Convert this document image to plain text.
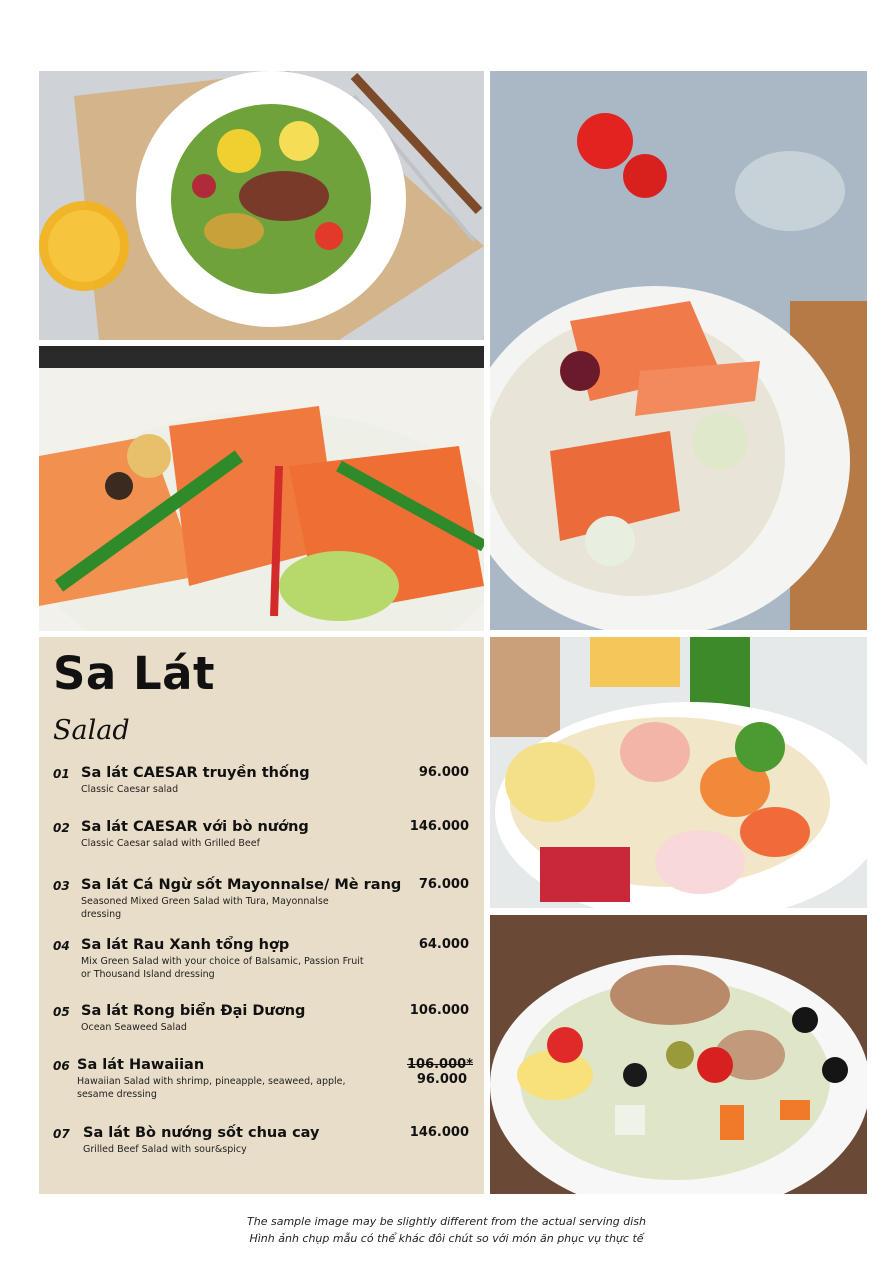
Sa Lát
Salad
01 Sa lát CAESAR truyền thống
Classic Caesar salad
96.000
02 Sa lát CAESAR với bò nướng
Classic Caesar salad with Grilled Beef
146.000
03 Sa lát Cá Ngừ sốt Mayonnalse/ Mè rang
Seasoned Mixed Green Salad with Tura, Mayonnalse dressing
76.000
04 Sa lát Rau Xanh tổng hợp
Mix Green Salad with your choice of Balsamic, Passion Fruit or Thousand Island dressing
64.000
05 Sa lát Rong biển Đại Dương
Ocean Seaweed Salad
106.000
06 Sa lát Hawaiian
Hawaiian Salad with shrimp, pineapple, seaweed, apple, sesame dressing
106.000*
96.000
07 Sa lát Bò nướng sốt chua cay
Grilled Beef Salad with sour&spicy
146.000
The sample image may be slightly different from the actual serving dish
Hình ảnh chụp mẫu có thể khác đôi chút so với món ăn phục vụ thực tế
